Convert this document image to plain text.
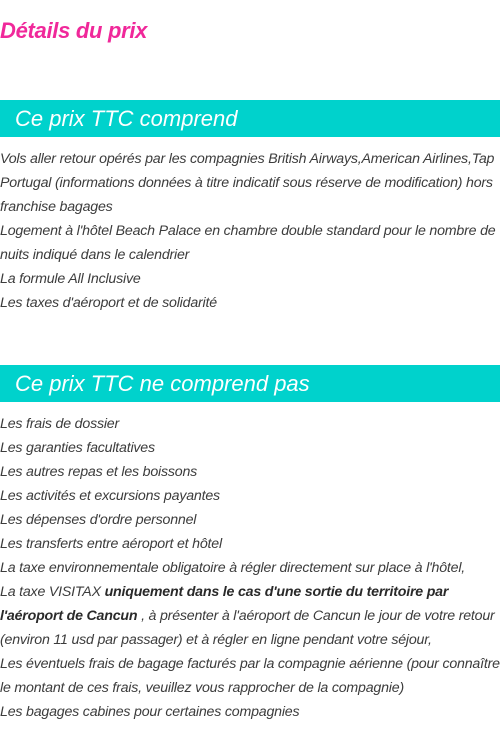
Détails du prix
Ce prix TTC comprend
Vols aller retour opérés par les compagnies British Airways,American Airlines,Tap Portugal (informations données à titre indicatif sous réserve de modification) hors franchise bagages
Logement à l'hôtel Beach Palace en chambre double standard pour le nombre de nuits indiqué dans le calendrier
La formule All Inclusive
Les taxes d'aéroport et de solidarité
Ce prix TTC ne comprend pas
Les frais de dossier
Les garanties facultatives
Les autres repas et les boissons
Les activités et excursions payantes
Les dépenses d'ordre personnel
Les transferts entre aéroport et hôtel
La taxe environnementale obligatoire à régler directement sur place à l'hôtel,
La taxe VISITAX uniquement dans le cas d'une sortie du territoire par l'aéroport de Cancun , à présenter à l'aéroport de Cancun le jour de votre retour (environ 11 usd par passager) et à régler en ligne pendant votre séjour,
Les éventuels frais de bagage facturés par la compagnie aérienne (pour connaître le montant de ces frais, veuillez vous rapprocher de la compagnie)
Les bagages cabines pour certaines compagnies
